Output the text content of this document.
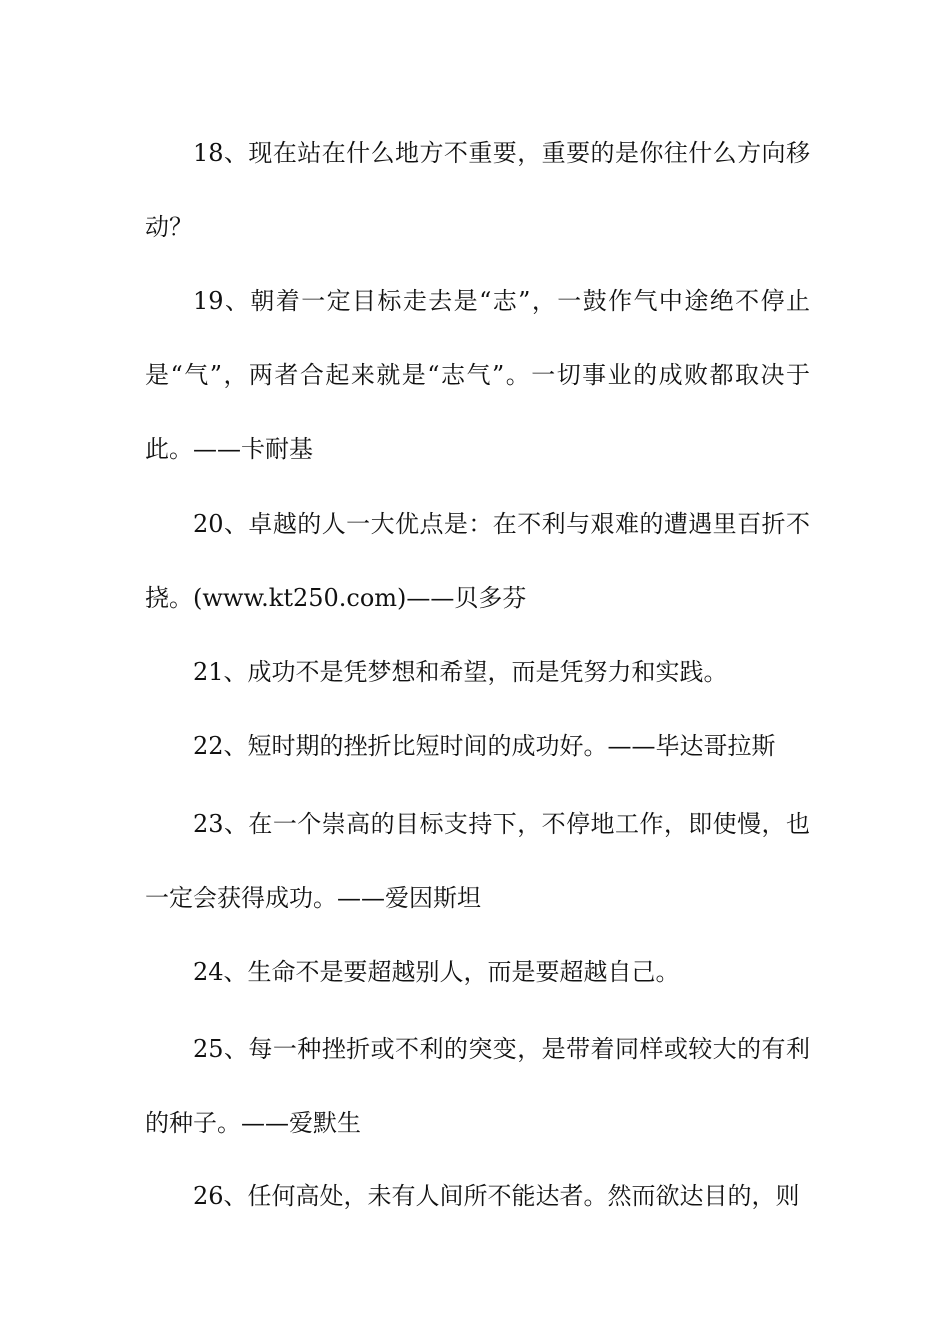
18、现在站在什么地方不重要，重要的是你往什么方向移动？

19、朝着一定目标走去是“志”，一鼓作气中途绝不停止是“气”，两者合起来就是“志气”。一切事业的成败都取决于此。——卡耐基

20、卓越的人一大优点是：在不利与艰难的遭遇里百折不挠。(www.kt250.com)——贝多芬

21、成功不是凭梦想和希望，而是凭努力和实践。

22、短时期的挫折比短时间的成功好。——毕达哥拉斯

23、在一个崇高的目标支持下，不停地工作，即使慢，也一定会获得成功。——爱因斯坦

24、生命不是要超越别人，而是要超越自己。

25、每一种挫折或不利的突变，是带着同样或较大的有利的种子。——爱默生

26、任何高处，未有人间所不能达者。然而欲达目的，则
